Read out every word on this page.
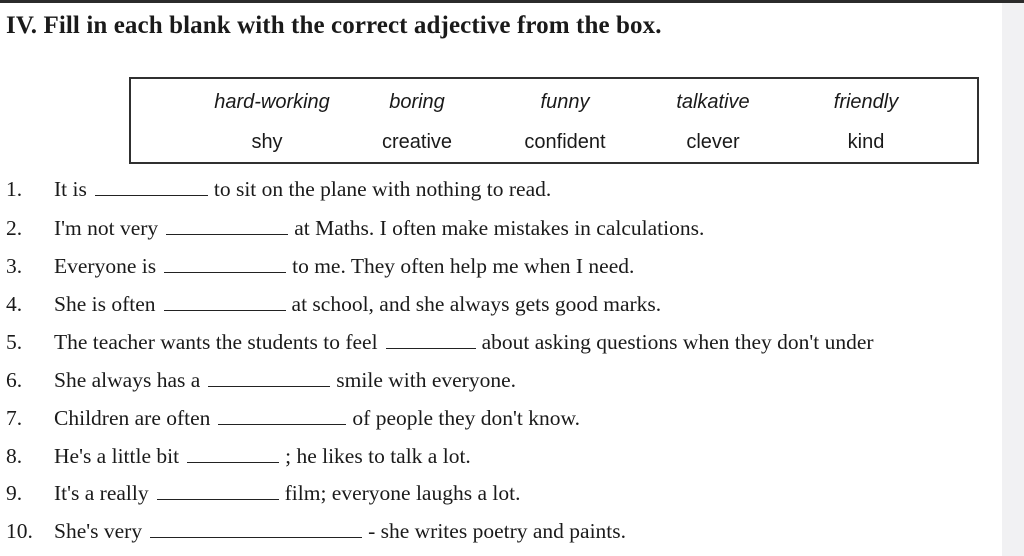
IV. Fill in each blank with the correct adjective from the box.
hard-working	boring	funny	talkative	friendly
shy	creative	confident	clever	kind
1. It is	to sit on the plane with nothing to read.
2. I'm not very	at Maths. I often make mistakes in calculations.
3. Everyone is	to me. They often help me when I need.
4. She is often	at school, and she always gets good marks.
5. The teacher wants the students to feel	about asking questions when they don't under
6. She always has a	smile with everyone.
7. Children are often	of people they don't know.
8. He's a little bit	; he likes to talk a lot.
9. It's a really	film; everyone laughs a lot.
10. She's very	- she writes poetry and paints.
